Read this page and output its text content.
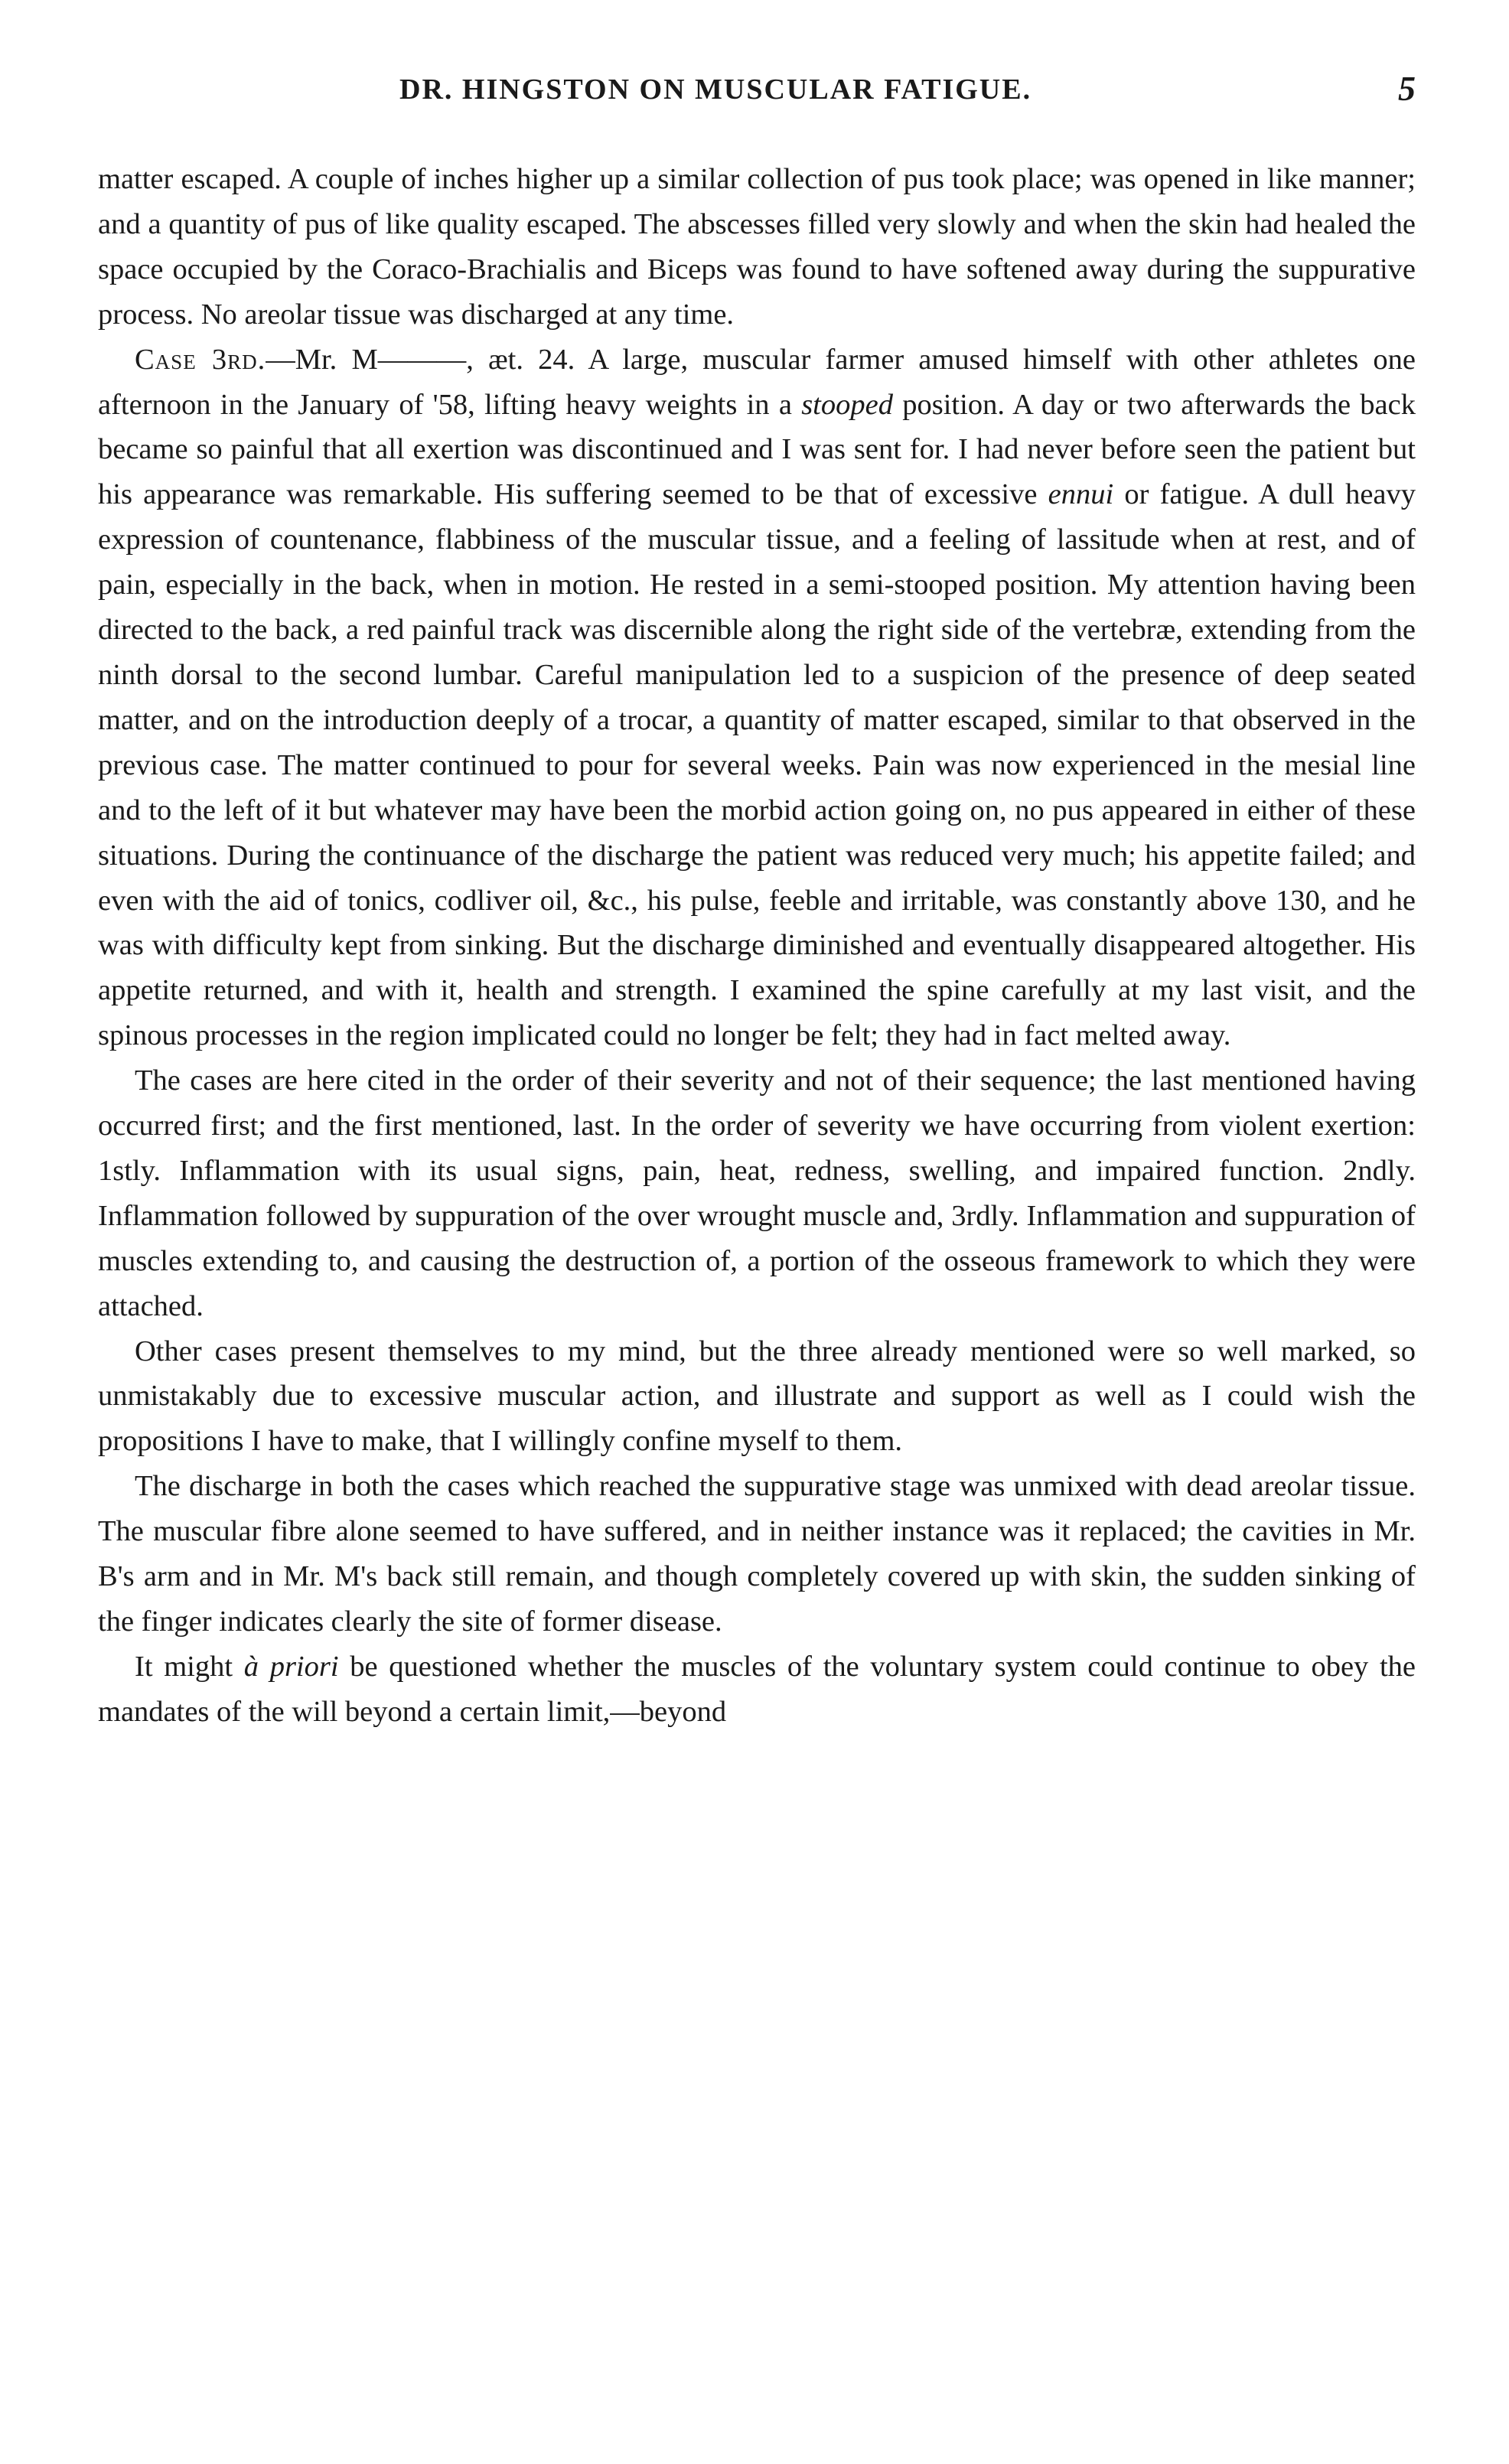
DR. HINGSTON ON MUSCULAR FATIGUE.	5

matter escaped. A couple of inches higher up a similar collection of pus took place; was opened in like manner; and a quantity of pus of like quality escaped. The abscesses filled very slowly and when the skin had healed the space occupied by the Coraco-Brachialis and Biceps was found to have softened away during the suppurative process. No areolar tissue was discharged at any time.

Case 3rd.—Mr. M———, æt. 24. A large, muscular farmer amused himself with other athletes one afternoon in the January of '58, lifting heavy weights in a stooped position. A day or two afterwards the back became so painful that all exertion was discontinued and I was sent for. I had never before seen the patient but his appearance was remarkable. His suffering seemed to be that of excessive ennui or fatigue. A dull heavy expression of countenance, flabbiness of the muscular tissue, and a feeling of lassitude when at rest, and of pain, especially in the back, when in motion. He rested in a semi-stooped position. My attention having been directed to the back, a red painful track was discernible along the right side of the vertebræ, extending from the ninth dorsal to the second lumbar. Careful manipulation led to a suspicion of the presence of deep seated matter, and on the introduction deeply of a trocar, a quantity of matter escaped, similar to that observed in the previous case. The matter continued to pour for several weeks. Pain was now experienced in the mesial line and to the left of it but whatever may have been the morbid action going on, no pus appeared in either of these situations. During the continuance of the discharge the patient was reduced very much; his appetite failed; and even with the aid of tonics, codliver oil, &c., his pulse, feeble and irritable, was constantly above 130, and he was with difficulty kept from sinking. But the discharge diminished and eventually disappeared altogether. His appetite returned, and with it, health and strength. I examined the spine carefully at my last visit, and the spinous processes in the region implicated could no longer be felt; they had in fact melted away.

The cases are here cited in the order of their severity and not of their sequence; the last mentioned having occurred first; and the first mentioned, last. In the order of severity we have occurring from violent exertion: 1stly. Inflammation with its usual signs, pain, heat, redness, swelling, and impaired function. 2ndly. Inflammation followed by suppuration of the over wrought muscle and, 3rdly. Inflammation and suppuration of muscles extending to, and causing the destruction of, a portion of the osseous framework to which they were attached.

Other cases present themselves to my mind, but the three already mentioned were so well marked, so unmistakably due to excessive muscular action, and illustrate and support as well as I could wish the propositions I have to make, that I willingly confine myself to them.

The discharge in both the cases which reached the suppurative stage was unmixed with dead areolar tissue. The muscular fibre alone seemed to have suffered, and in neither instance was it replaced; the cavities in Mr. B's arm and in Mr. M's back still remain, and though completely covered up with skin, the sudden sinking of the finger indicates clearly the site of former disease.

It might à priori be questioned whether the muscles of the voluntary system could continue to obey the mandates of the will beyond a certain limit,—beyond
